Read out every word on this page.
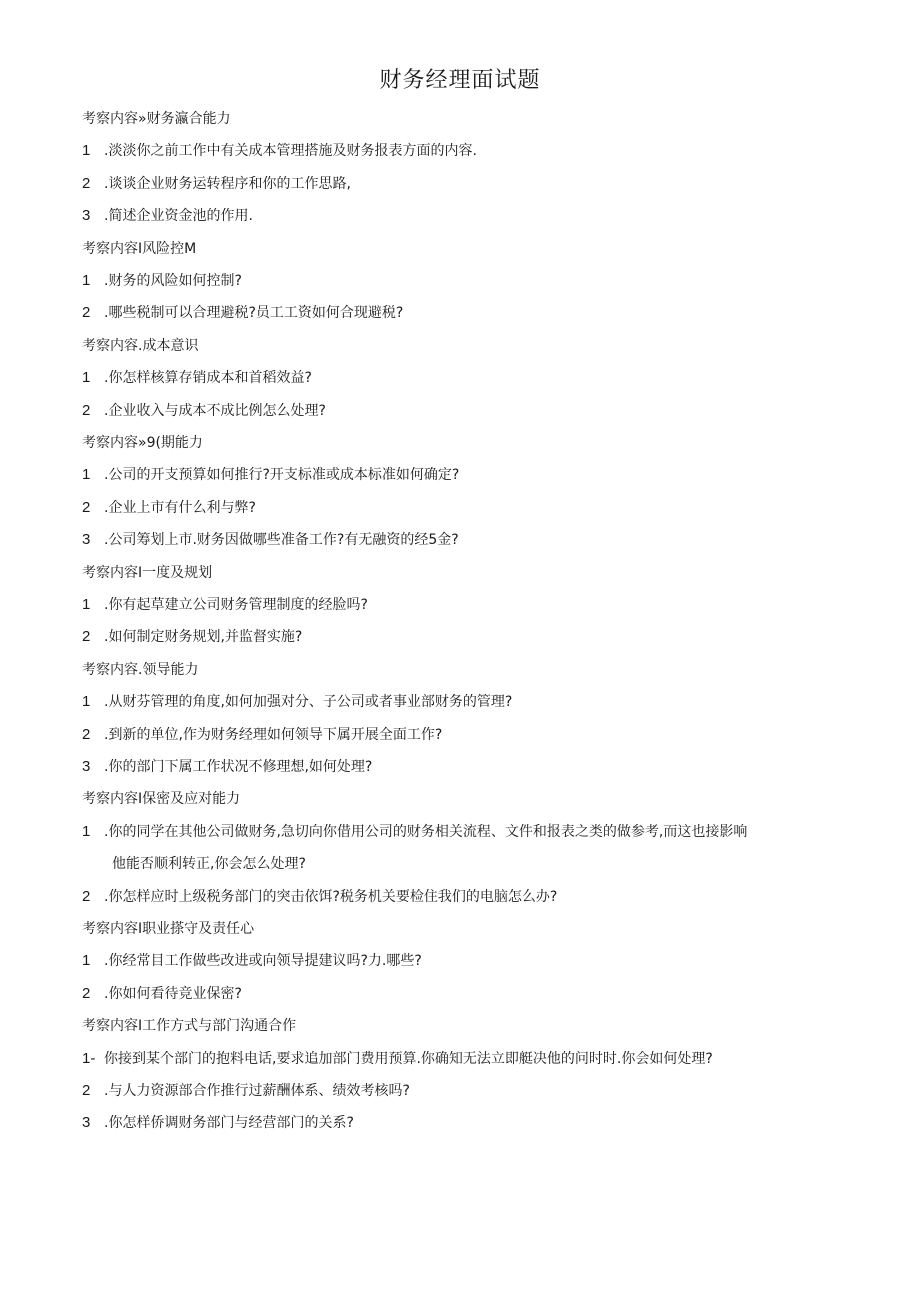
财务经理面试题
考察内容»财务瀛合能力
1 .淡淡你之前工作中有关成本管理搭施及财务报表方面的内容.
2 .谈谈企业财务运转程序和你的工作思路,
3 .简述企业资金池的作用.
考察内容I风险控M
1 .财务的风险如何控制?
2 .哪些税制可以合理避税?员工工资如何合现避税?
考察内容.成本意识
1 .你怎样核算存销成本和首稻效益?
2 .企业收入与成本不成比例怎么处理?
考察内容»9(期能力
1 .公司的开支预算如何推行?开支标准或成本标准如何确定?
2 .企业上市有什么利与弊?
3 .公司筹划上市.财务因做哪些准备工作?有无融资的经5金?
考察内容I一度及规划
1 .你有起草建立公司财务管理制度的经脸吗?
2 .如何制定财务规划,并监督实施?
考察内容.领导能力
1 .从财芬管理的角度,如何加强对分、子公司或者事业部财务的管理?
2 .到新的单位,作为财务经理如何领导下属开展全面工作?
3 .你的部门下属工作状况不修理想,如何处理?
考察内容I保密及应对能力
1 .你的同学在其他公司做财务,急切向你借用公司的财务相关流程、文件和报表之类的做参考,而这也接影响
他能否顺利转正,你会怎么处理?
2 .你怎样应时上级税务部门的突击依饵?税务机关要检住我们的电脑怎么办?
考察内容I职业搽守及责任心
1 .你经常目工作做些改进或向领导提建议吗?力.哪些?
2 .你如何看待竞业保密?
考察内容I工作方式与部门沟通合作
1- 你接到某个部门的抱料电话,要求追加部门费用预算.你确知无法立即艇决他的问时时.你会如何处理?
2 .与人力资源部合作推行过薪酬体系、绩效考核吗?
3 .你怎样侨调财务部门与经营部门的关系?
